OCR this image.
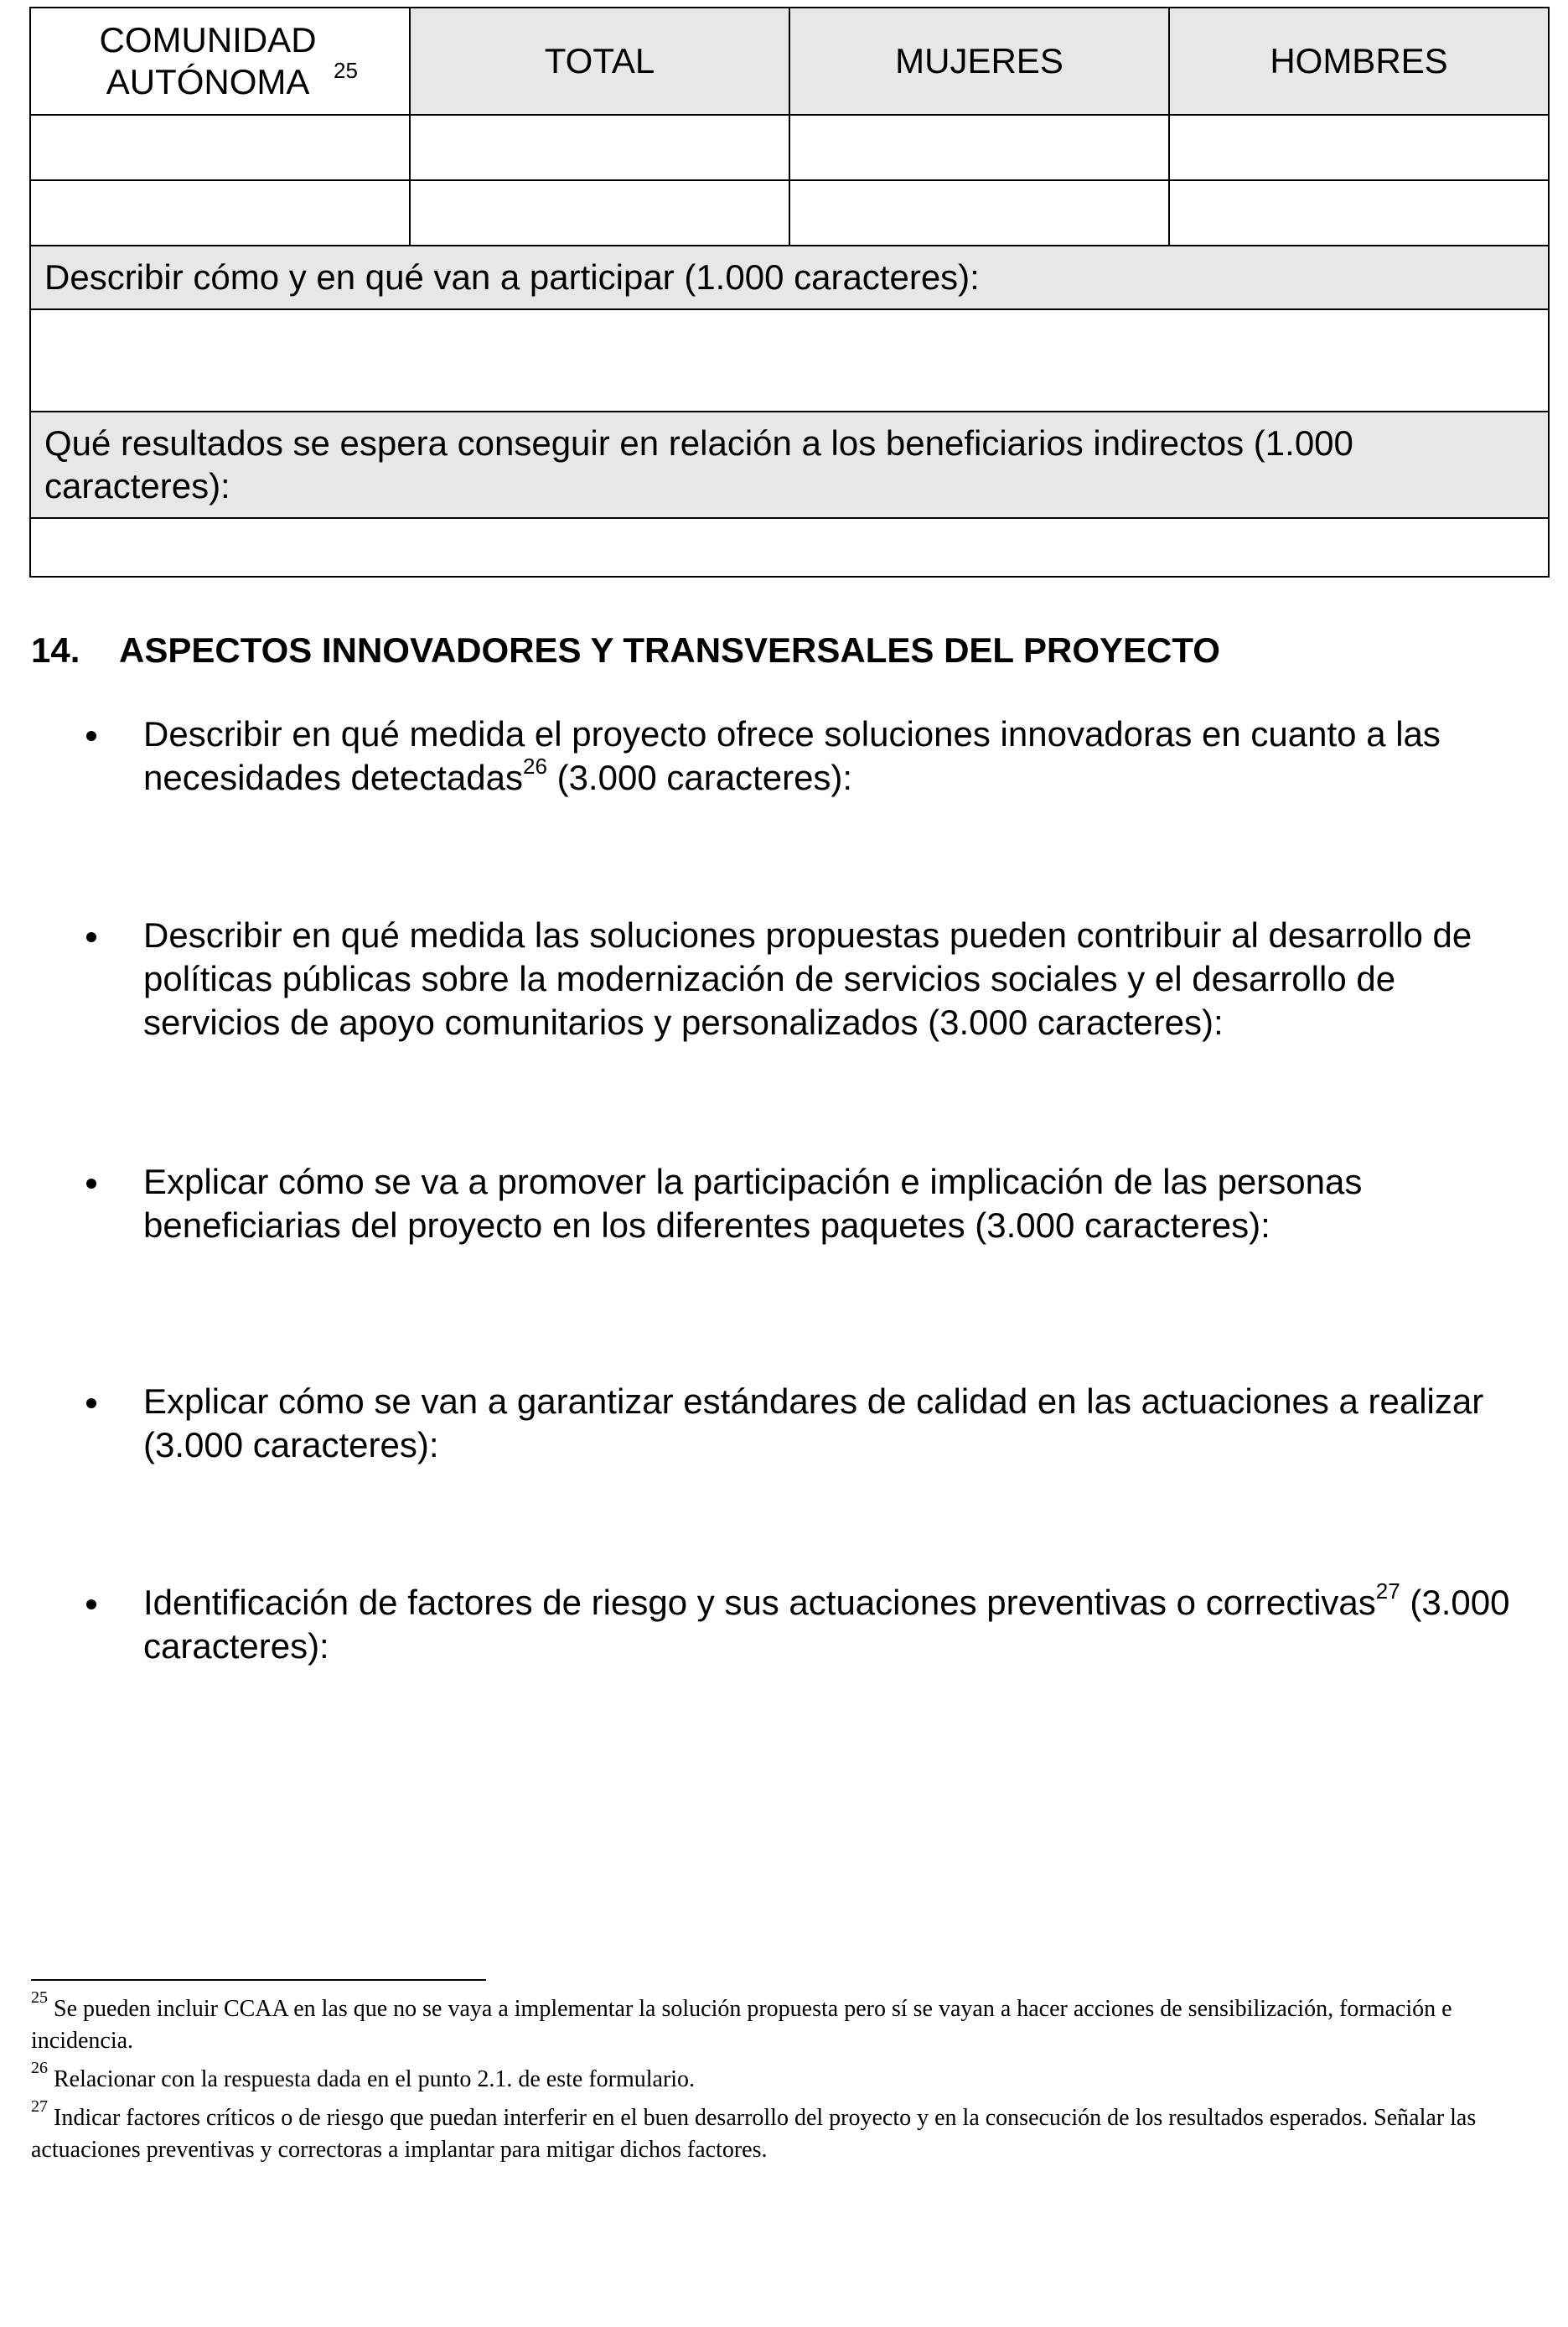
COMUNIDAD AUTÓNOMA $^{25}$	TOTAL	MUJERES	HOMBRES

Describir cómo y en qué van a participar (1.000 caracteres):			

Qué resultados se espera conseguir en relación a los beneficiarios indirectos (1.000 caracteres):			

14. ASPECTOS INNOVADORES Y TRANSVERSALES DEL PROYECTO
Describir en qué medida el proyecto ofrece soluciones innovadoras en cuanto a las necesidades detectadas$^{26}$ (3.000 caracteres):
Describir en qué medida las soluciones propuestas pueden contribuir al desarrollo de políticas públicas sobre la modernización de servicios sociales y el desarrollo de servicios de apoyo comunitarios y personalizados (3.000 caracteres):
Explicar cómo se va a promover la participación e implicación de las personas beneficiarias del proyecto en los diferentes paquetes (3.000 caracteres):
Explicar cómo se van a garantizar estándares de calidad en las actuaciones a realizar (3.000 caracteres):
Identificación de factores de riesgo y sus actuaciones preventivas o correctivas$^{27}$ (3.000 caracteres):

$^{25}$ Se pueden incluir CCAA en las que no se vaya a implementar la solución propuesta pero sí se vayan a hacer acciones de sensibilización, formación e incidencia.

$^{26}$ Relacionar con la respuesta dada en el punto 2.1. de este formulario.

$^{27}$ Indicar factores críticos o de riesgo que puedan interferir en el buen desarrollo del proyecto y en la consecución de los resultados esperados. Señalar las actuaciones preventivas y correctoras a implantar para mitigar dichos factores.
